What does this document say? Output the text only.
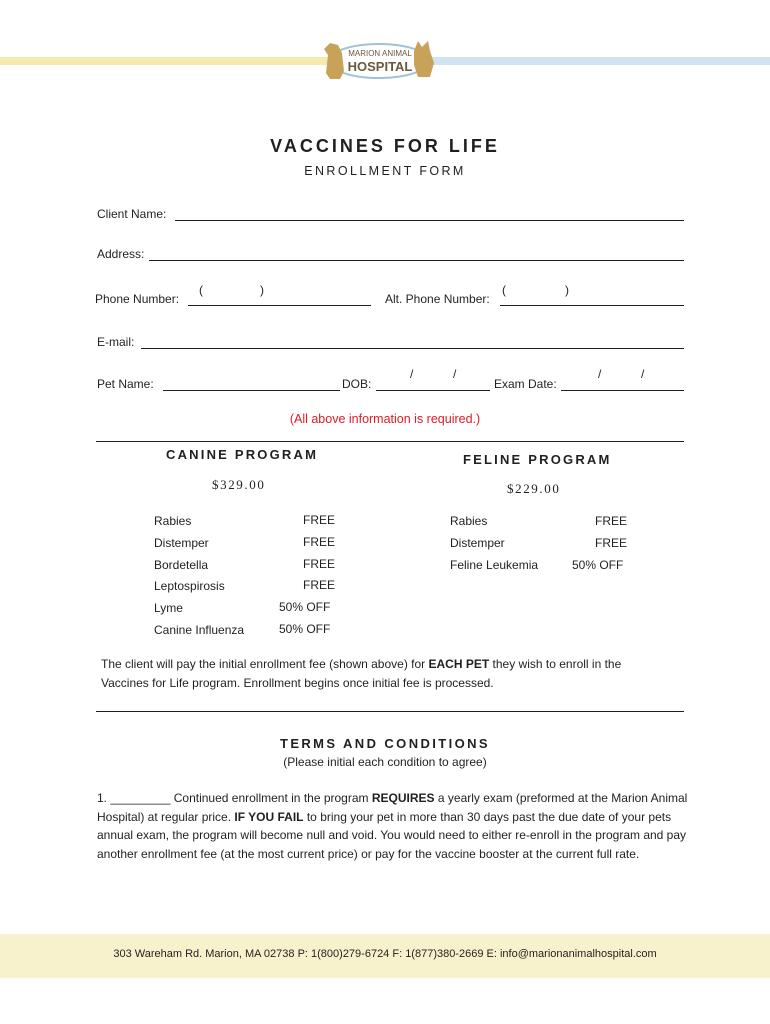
MARION ANIMAL
HOSPITAL
VACCINES FOR LIFE
ENROLLMENT FORM
Client Name:
Address:
Phone Number:
(	)
Alt. Phone Number:
(	)
E-mail:
Pet Name:	DOB:
/	/
Exam Date:
/	/
(All above information is required.)
CANINE PROGRAM
$329.00
Rabies	FREE
Distemper	FREE
Bordetella	FREE
Leptospirosis	FREE
Lyme	50% OFF
Canine Influenza	50% OFF
FELINE PROGRAM
$229.00
Rabies	FREE
Distemper	FREE
Feline Leukemia	50% OFF
The client will pay the initial enrollment fee (shown above) for EACH PET they wish to enroll in the Vaccines for Life program. Enrollment begins once initial fee is processed.
TERMS AND CONDITIONS
(Please initial each condition to agree)
1. _________ Continued enrollment in the program REQUIRES a yearly exam (preformed at the Marion Animal Hospital) at regular price. IF YOU FAIL to bring your pet in more than 30 days past the due date of your pets annual exam, the program will become null and void. You would need to either re-enroll in the program and pay another enrollment fee (at the most current price) or pay for the vaccine booster at the current full rate.
303 Wareham Rd. Marion, MA 02738 P: 1(800)279-6724 F: 1(877)380-2669 E: info@marionanimalhospital.com
